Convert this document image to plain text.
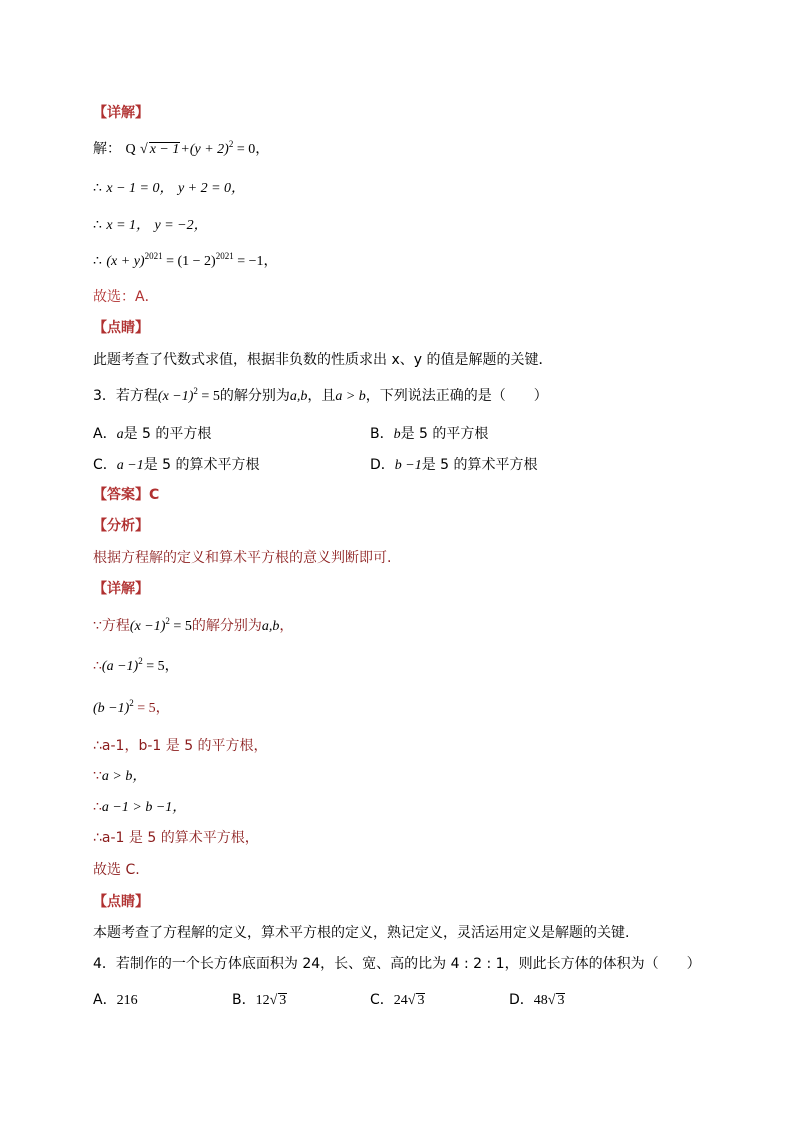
【详解】
解： Q √ $x - 1+(y + 2)^2 = 0$，
∴ x − 1 = 0， y + 2 = 0，
∴ x = 1， y = −2，
∴ $(x + y)^{2021} = (1 - 2)^{2021} = -1$，
故选：A．
【点睛】
此题考查了代数式求值，根据非负数的性质求出 x、y 的值是解题的关键．
3．若方程$(x -1)^2 = 5$的解分别为a,b，且a > b，下列说法正确的是（　　）
A．a是 5 的平方根	B．b是 5 的平方根
C．a −1是 5 的算术平方根	D．b −1是 5 的算术平方根
【答案】C
【分析】
根据方程解的定义和算术平方根的意义判断即可.
【详解】
∵方程$(x -1)^2 = 5$的解分别为a,b，
∴(a −1)$^2$ = 5，
$(b -1)^2 = 5$，
∴a-1，b-1 是 5 的平方根，
∵a > b，
∴a −1 > b −1，
∴a-1 是 5 的算术平方根，
故选 C.
【点睛】
本题考查了方程解的定义，算术平方根的定义，熟记定义，灵活运用定义是解题的关键.
4．若制作的一个长方体底面积为 24，长、宽、高的比为 4 : 2 : 1，则此长方体的体积为（　　）
A．216	B．12√ 3	C．24√ 3	D．48√ 3
